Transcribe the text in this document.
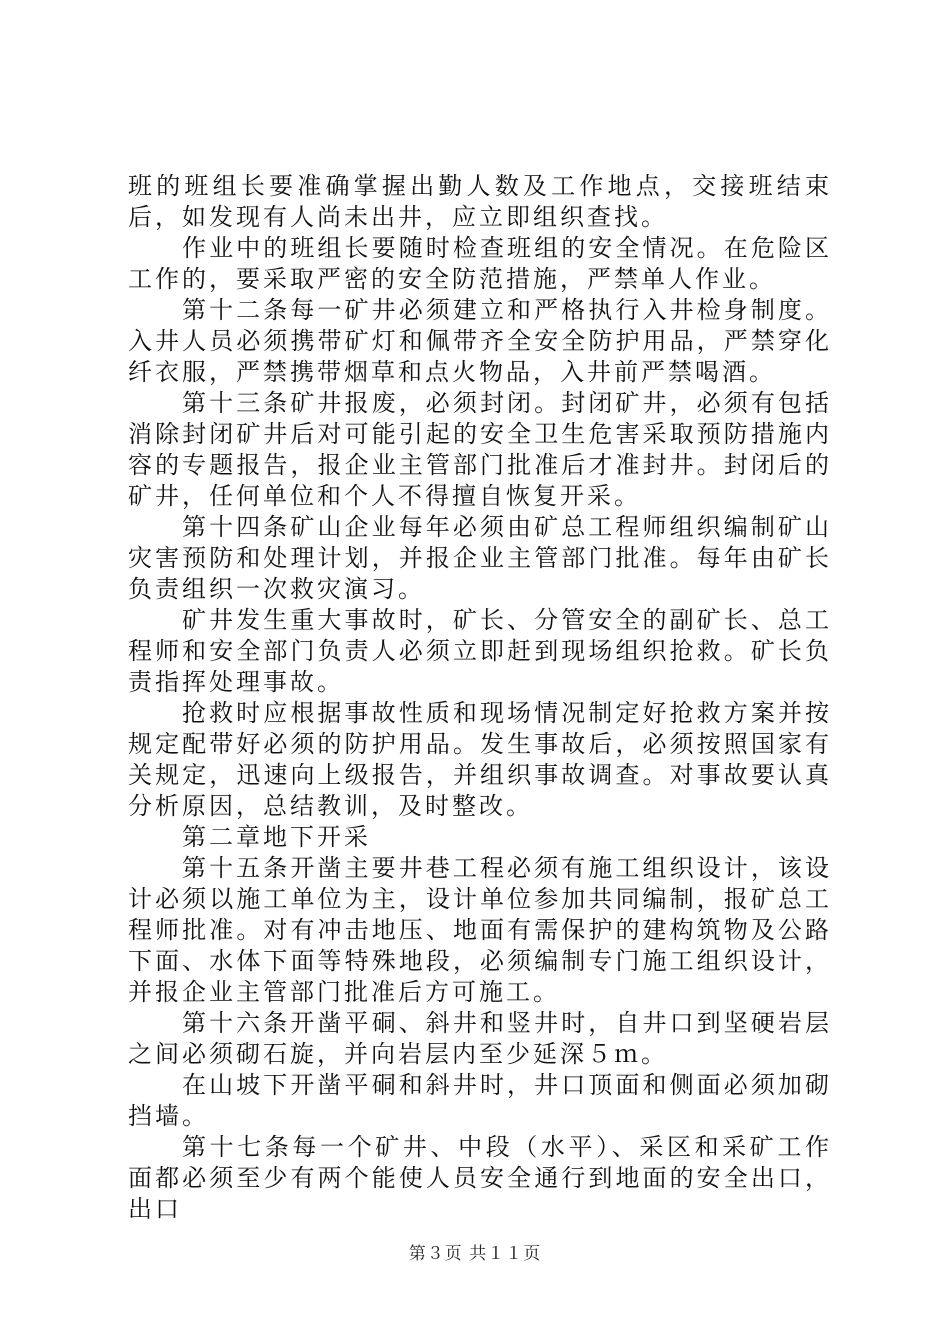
班的班组长要准确掌握出勤人数及工作地点，交接班结束后，如发现有人尚未出井，应立即组织查找。

作业中的班组长要随时检查班组的安全情况。在危险区工作的，要采取严密的安全防范措施，严禁单人作业。

第十二条每一矿井必须建立和严格执行入井检身制度。入井人员必须携带矿灯和佩带齐全安全防护用品，严禁穿化纤衣服，严禁携带烟草和点火物品，入井前严禁喝酒。

第十三条矿井报废，必须封闭。封闭矿井，必须有包括消除封闭矿井后对可能引起的安全卫生危害采取预防措施内容的专题报告，报企业主管部门批准后才准封井。封闭后的矿井，任何单位和个人不得擅自恢复开采。

第十四条矿山企业每年必须由矿总工程师组织编制矿山灾害预防和处理计划，并报企业主管部门批准。每年由矿长负责组织一次救灾演习。

矿井发生重大事故时，矿长、分管安全的副矿长、总工程师和安全部门负责人必须立即赶到现场组织抢救。矿长负责指挥处理事故。

抢救时应根据事故性质和现场情况制定好抢救方案并按规定配带好必须的防护用品。发生事故后，必须按照国家有关规定，迅速向上级报告，并组织事故调查。对事故要认真分析原因，总结教训，及时整改。

第二章地下开采

第十五条开凿主要井巷工程必须有施工组织设计，该设计必须以施工单位为主，设计单位参加共同编制，报矿总工程师批准。对有冲击地压、地面有需保护的建构筑物及公路下面、水体下面等特殊地段，必须编制专门施工组织设计，并报企业主管部门批准后方可施工。

第十六条开凿平硐、斜井和竖井时，自井口到坚硬岩层之间必须砌石旋，并向岩层内至少延深５ｍ。

在山坡下开凿平硐和斜井时，井口顶面和侧面必须加砌挡墙。

第十七条每一个矿井、中段（水平）、采区和采矿工作面都必须至少有两个能使人员安全通行到地面的安全出口，出口

第３页 共１１页
